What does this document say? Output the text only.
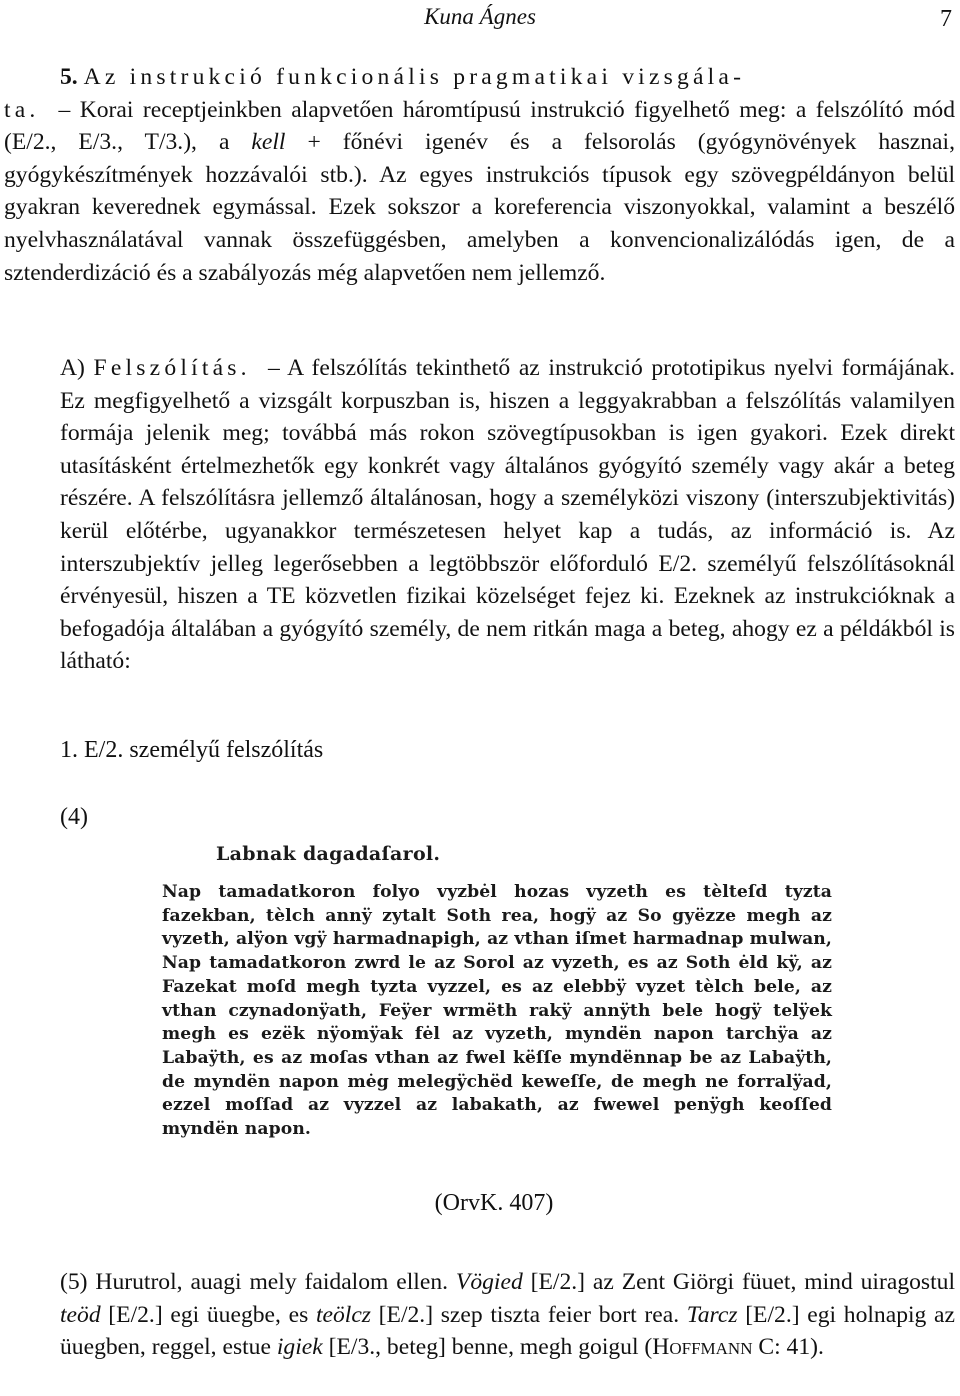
Kuna Ágnes	7
5. Az instrukció funkcionális pragmatikai vizsgála-
ta. – Korai receptjeinkben alapvetően háromtípusú instrukció figyelhető meg: a felszólító mód (E/2., E/3., T/3.), a kell + főnévi igenév és a felsorolás (gyógynövények hasznai, gyógykészítmények hozzávalói stb.). Az egyes instrukciós típusok egy szövegpéldányon belül gyakran keverednek egymással. Ezek sokszor a koreferencia viszonyokkal, valamint a beszélő nyelvhasználatával vannak összefüggésben, amelyben a konvencionalizálódás igen, de a sztenderdizáció és a szabályozás még alapvetően nem jellemző.
A) Felszólítás. – A felszólítás tekinthető az instrukció prototipikus nyelvi formájának. Ez megfigyelhető a vizsgált korpuszban is, hiszen a leggyakrabban a felszólítás valamilyen formája jelenik meg; továbbá más rokon szövegtípusokban is igen gyakori. Ezek direkt utasításként értelmezhetők egy konkrét vagy általános gyógyító személy vagy akár a beteg részére. A felszólításra jellemző általánosan, hogy a személyközi viszony (interszubjektivitás) kerül előtérbe, ugyanakkor természetesen helyet kap a tudás, az információ is. Az interszubjektív jelleg legerősebben a legtöbbször előforduló E/2. személyű felszólításoknál érvényesül, hiszen a TE közvetlen fizikai közelséget fejez ki. Ezeknek az instrukcióknak a befogadója általában a gyógyító személy, de nem ritkán maga a beteg, ahogy ez a példákból is látható:
1. E/2. személyű felszólítás
(4)
Labnak dagadaſarol.
Nap tamadatkoron folyo vyzbėl hozas vyzeth es tèlteſd tyzta fazekban, tèlch annÿ zytalt Soth rea, hogÿ az So gyëzze megh az vyzeth, alÿon vgÿ harmadnapigh, az vthan iſmet harmadnap mulwan, Nap tamadatkoron zwrd le az Sorol az vyzeth, es az Soth ėld kÿ, az Fazekat moſd megh tyzta vyzzel, es az elebbÿ vyzet tèlch bele, az vthan czynadonÿath, Feÿer wrmëth rakÿ annÿth bele hogÿ telÿek megh es ezëk nÿomÿak fėl az vyzeth, myndën napon tarchÿa az Labaÿth, es az moſas vthan az fwel këſſe myndënnap be az Labaÿth, de myndën napon mėg melegÿchëd keweſſe, de megh ne forralÿad, ezzel moſſad az vyzzel az labakath, az fwewel penÿgh keoſſed myndën napon.
(OrvK. 407)
(5) Hurutrol, auagi mely faidalom ellen. Vögied [E/2.] az Zent Giörgi füuet, mind uiragostul teöd [E/2.] egi üuegbe, es teölcz [E/2.] szep tiszta feier bort rea. Tarcz [E/2.] egi holnapig az üuegben, reggel, estue igiek [E/3., beteg] benne, megh goigul (Hoffmann C: 41).
